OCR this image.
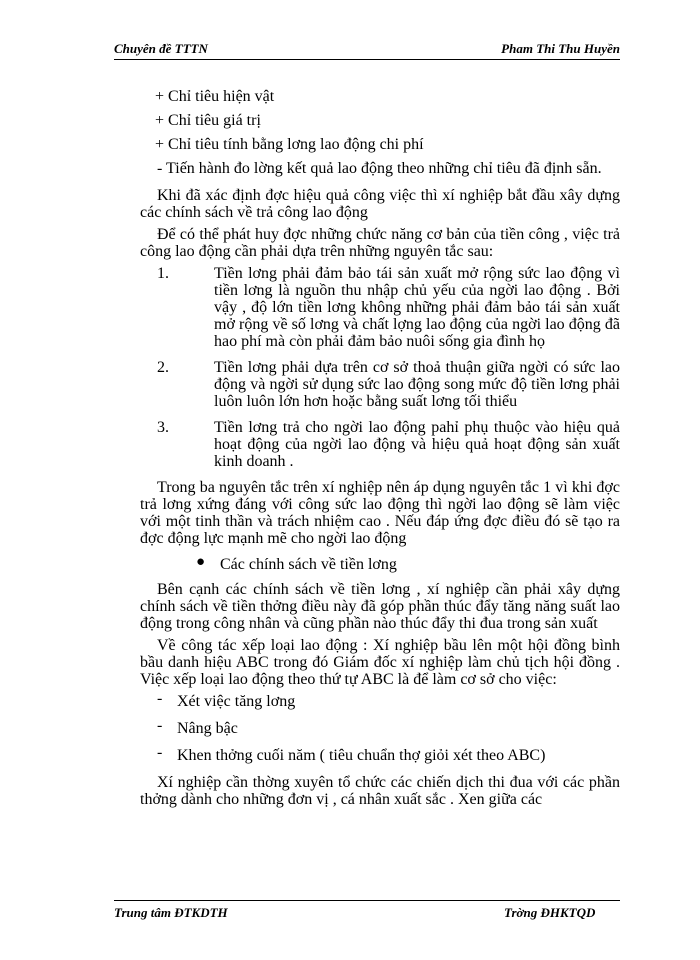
Chuyên đề TTTN	Pham Thi Thu Huyền

+ Chỉ tiêu hiện vật

+ Chỉ tiêu giá trị

+ Chỉ tiêu tính bằng lơng lao động chi phí

- Tiến hành đo lờng kết quả lao động theo những chỉ tiêu đã định sẵn.

Khi đã xác định đợc hiệu quả công việc thì xí nghiệp bắt đầu xây dựng các chính sách về trả công lao động

Để có thể phát huy đợc những chức năng cơ bản của tiền công , việc trả công lao động cần phải dựa trên những nguyên tắc sau:

1.	Tiền lơng phải đảm bảo tái sản xuất mở rộng sức lao động vì tiền lơng là nguồn thu nhập chủ yếu của ngời lao động . Bởi vậy , độ lớn tiền lơng không những phải đảm bảo tái sản xuất mở rộng về số lơng và chất lợng lao động của ngời lao động đã hao phí mà còn phải đảm bảo nuôi sống gia đình họ
2.	Tiền lơng phải dựa trên cơ sở thoả thuận giữa ngời có sức lao động và ngời sử dụng sức lao động song mức độ tiền lơng phải luôn luôn lớn hơn hoặc bằng suất lơng tối thiểu
3.	Tiền lơng trả cho ngời lao động pahỉ phụ thuộc vào hiệu quả hoạt động của ngời lao động và hiệu quả hoạt động sản xuất kinh doanh .

Trong ba nguyên tắc trên xí nghiệp nên áp dụng nguyên tắc 1 vì khi đợc trả lơng xứng đáng với công sức lao động thì ngời lao động sẽ làm việc với một tinh thần và trách nhiệm cao . Nếu đáp ứng đợc điều đó sẽ tạo ra đợc động lực mạnh mẽ cho ngời lao động

● Các chính sách về tiền lơng

Bên cạnh các chính sách về tiền lơng , xí nghiệp cần phải xây dựng chính sách về tiền thởng điều này đã góp phần thúc đẩy tăng năng suất lao động trong công nhân và cũng phần nào thúc đẩy thi đua trong sản xuất

Về công tác xếp loại lao động : Xí nghiệp bầu lên một hội đồng bình bầu danh hiệu ABC trong đó Giám đốc xí nghiệp làm chủ tịch hội đồng . Việc xếp loại lao động theo thứ tự ABC là để làm cơ sở cho việc:

- Xét việc tăng lơng
- Nâng bậc
- Khen thởng cuối năm ( tiêu chuẩn thợ giỏi xét theo ABC)

Xí nghiệp cần thờng xuyên tổ chức các chiến dịch thi đua với các phần thởng dành cho những đơn vị , cá nhân xuất sắc . Xen giữa các

Trung tâm ĐTKDTH	Trờng ĐHKTQD
